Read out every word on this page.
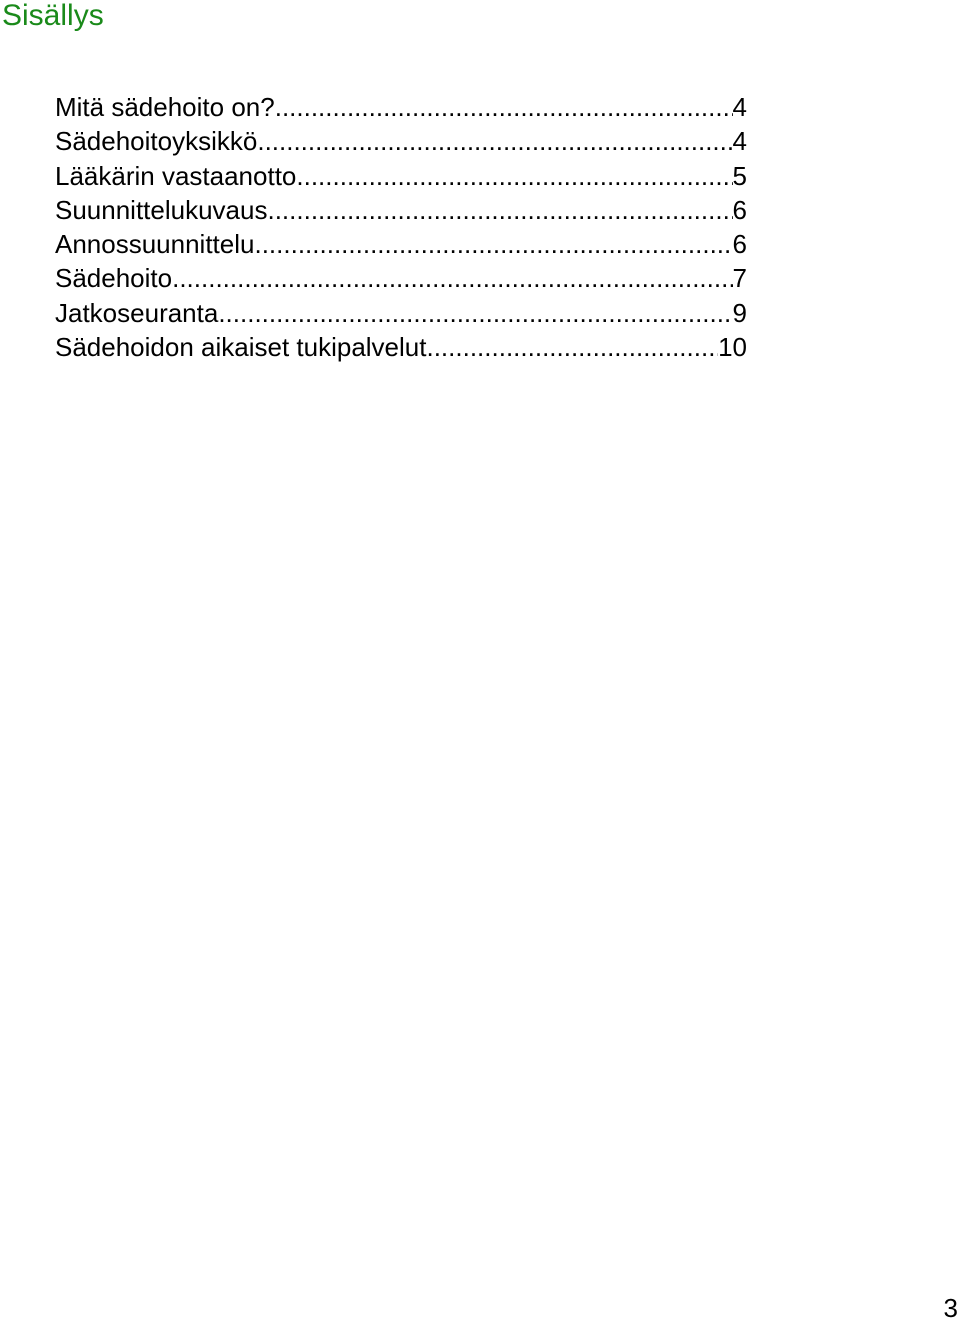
Sisällys
Mitä sädehoito on? .....	4
Sädehoitoyksikkö .....	4
Lääkärin vastaanotto .....	5
Suunnittelukuvaus .....	6
Annossuunnittelu .....	6
Sädehoito .....	7
Jatkoseuranta .....	9
Sädehoidon aikaiset tukipalvelut .....	10
3
